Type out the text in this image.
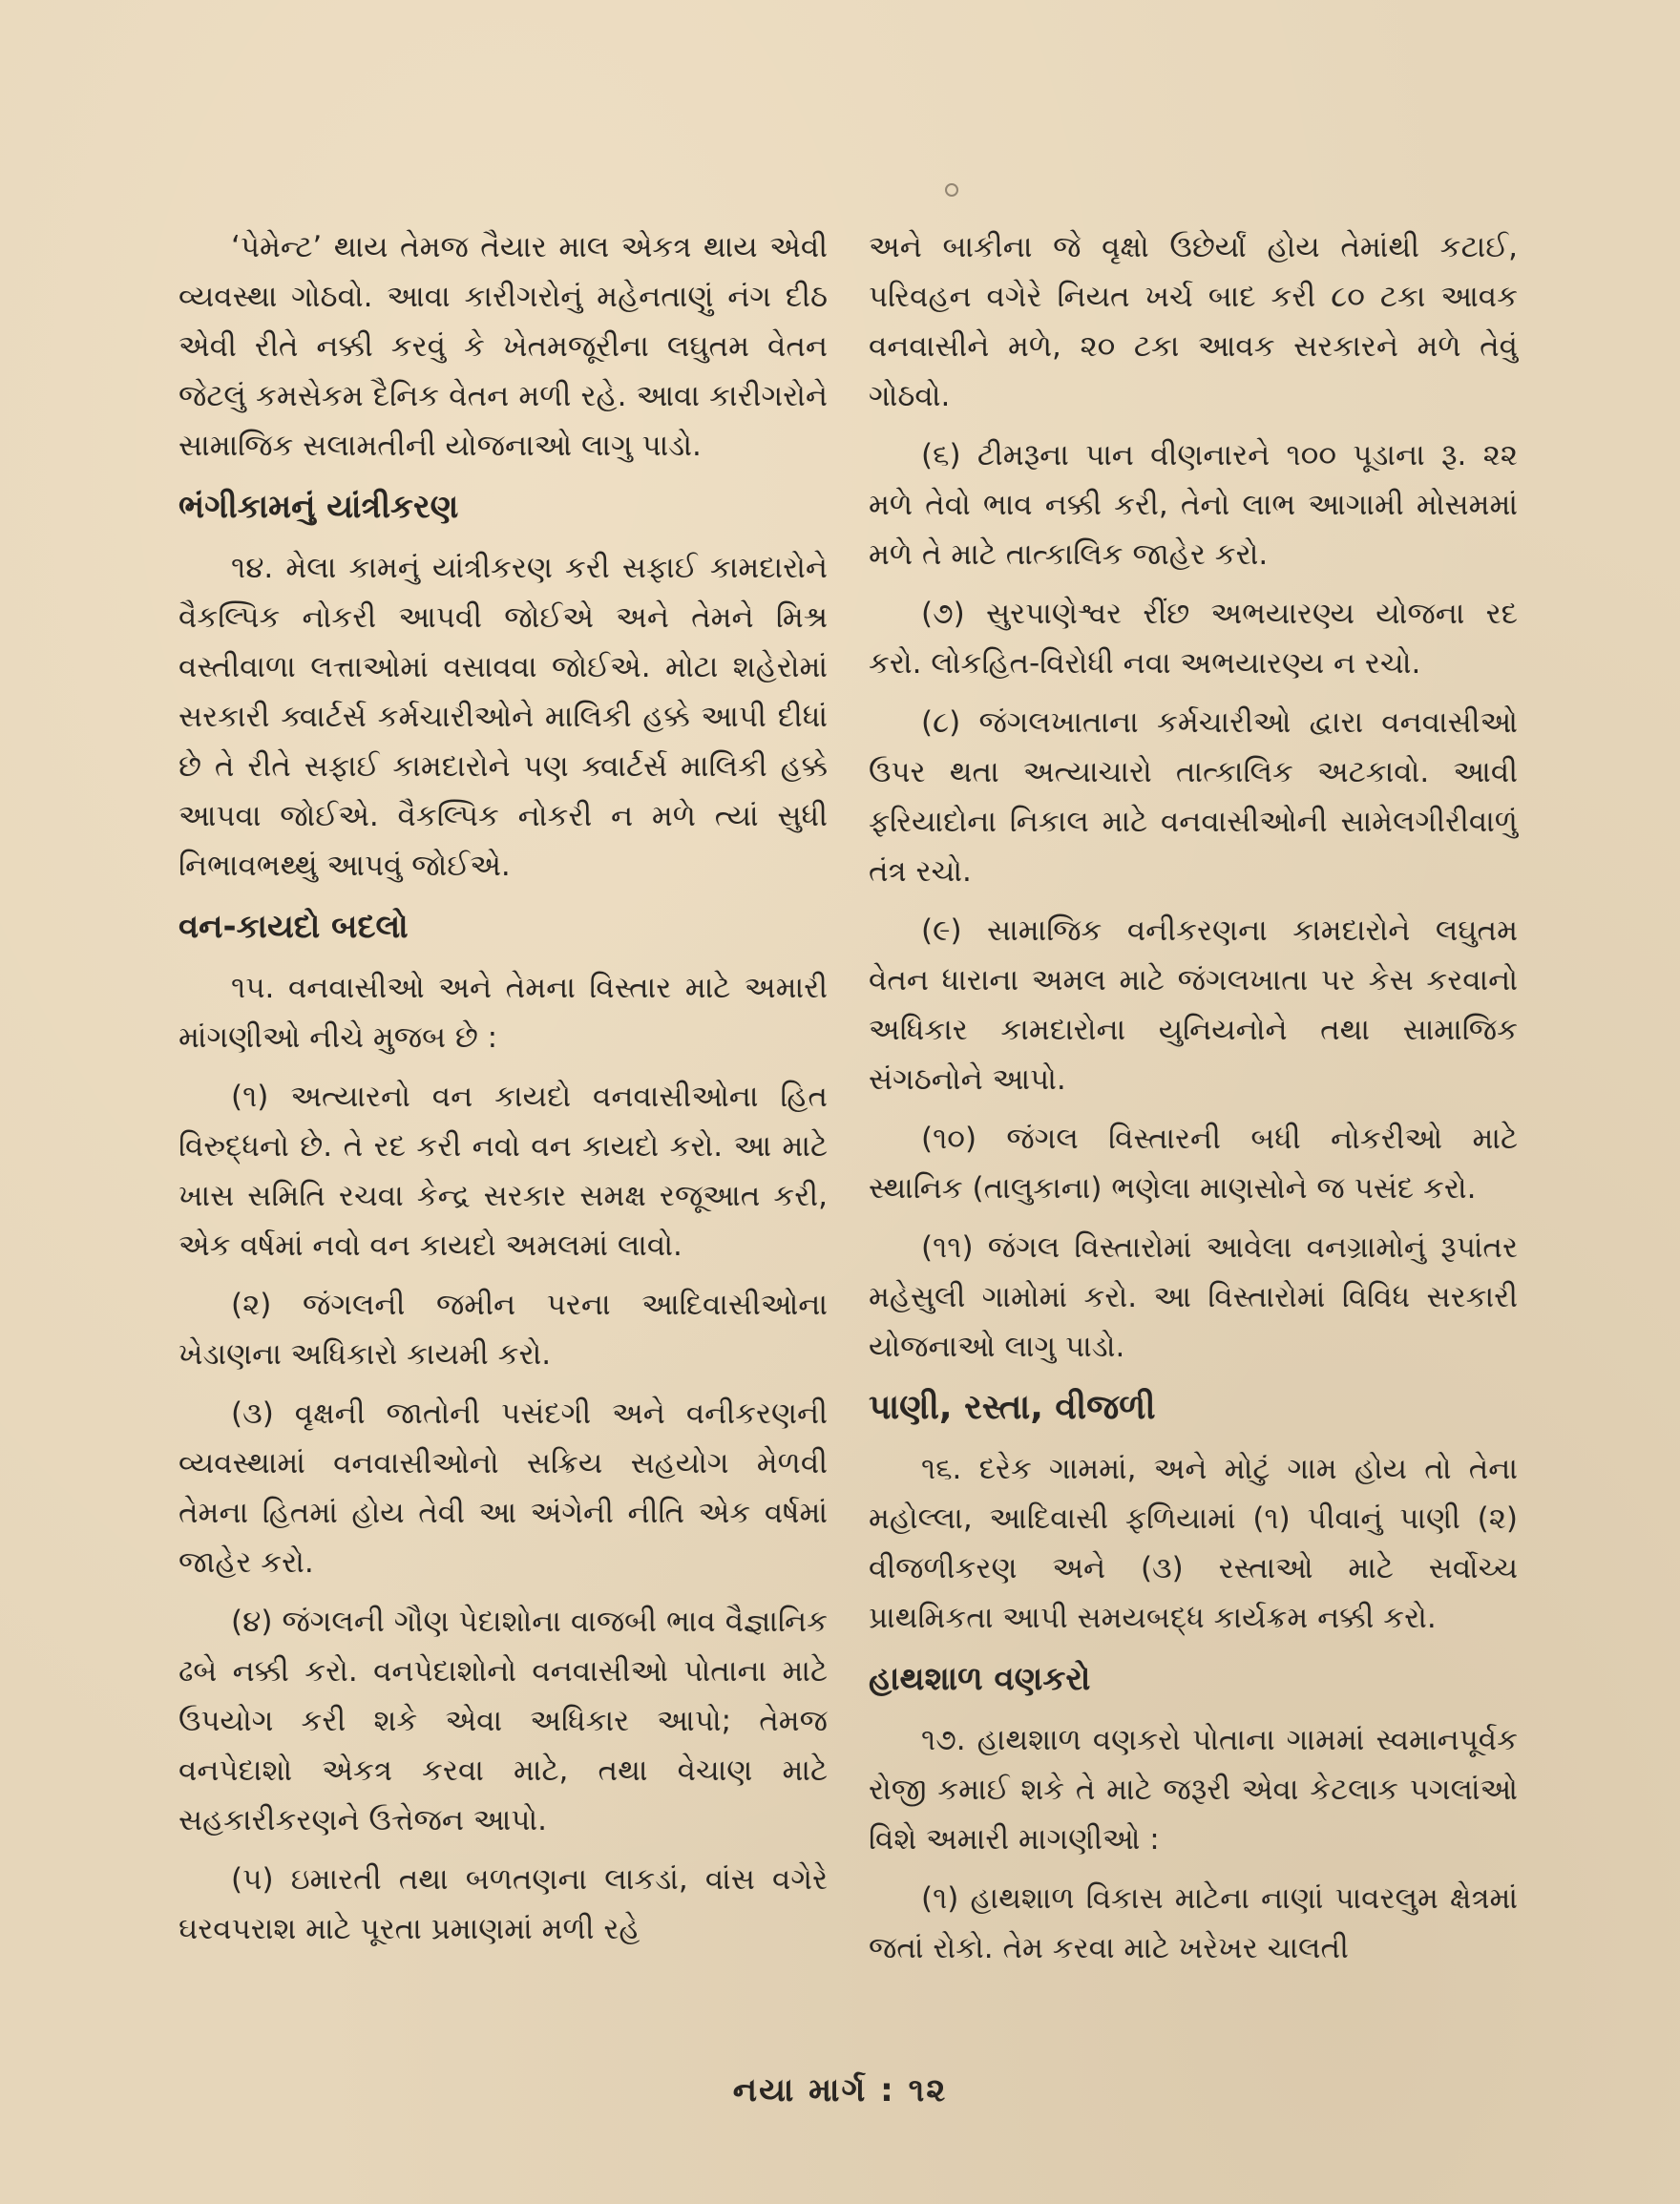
‘પેમેન્ટ’ થાય તેમજ તૈયાર માલ એકત્ર થાય એવી વ્યવસ્થા ગોઠવો. આવા કારીગરોનું મહેનતાણું નંગ દીઠ એવી રીતે નક્કી કરવું કે ખેતમજૂરીના લઘુતમ વેતન જેટલું કમસેકમ દૈનિક વેતન મળી રહે. આવા કારીગરોને સામાજિક સલામતીની યોજનાઓ લાગુ પાડો.

ભંગીકામનું યાંત્રીકરણ

૧૪. મેલા કામનું યાંત્રીકરણ કરી સફાઈ કામદારોને વૈકલ્પિક નોકરી આપવી જોઈએ અને તેમને મિશ્ર વસ્તીવાળા લત્તાઓમાં વસાવવા જોઈએ. મોટા શહેરોમાં સરકારી ક્વાર્ટર્સ કર્મચારીઓને માલિકી હક્કે આપી દીધાં છે તે રીતે સફાઈ કામદારોને પણ ક્વાર્ટર્સ માલિકી હક્કે આપવા જોઈએ. વૈકલ્પિક નોકરી ન મળે ત્યાં સુધી નિભાવભથ્થું આપવું જોઈએ.

વન-કાયદો બદલો

૧૫. વનવાસીઓ અને તેમના વિસ્તાર માટે અમારી માંગણીઓ નીચે મુજબ છે :

(૧) અત્યારનો વન કાયદો વનવાસીઓના હિત વિરુદ્ધનો છે. તે રદ કરી નવો વન કાયદો કરો. આ માટે ખાસ સમિતિ રચવા કેન્દ્ર સરકાર સમક્ષ રજૂઆત કરી, એક વર્ષમાં નવો વન કાયદો અમલમાં લાવો.

(૨) જંગલની જમીન પરના આદિવાસીઓના ખેડાણના અધિકારો કાયમી કરો.

(૩) વૃક્ષની જાતોની પસંદગી અને વનીકરણની વ્યવસ્થામાં વનવાસીઓનો સક્રિય સહયોગ મેળવી તેમના હિતમાં હોય તેવી આ અંગેની નીતિ એક વર્ષમાં જાહેર કરો.

(૪) જંગલની ગૌણ પેદાશોના વાજબી ભાવ વૈજ્ઞાનિક ઢબે નક્કી કરો. વનપેદાશોનો વનવાસીઓ પોતાના માટે ઉપયોગ કરી શકે એવા અધિકાર આપો; તેમજ વનપેદાશો એકત્ર કરવા માટે, તથા વેચાણ માટે સહકારીકરણને ઉત્તેજન આપો.

(૫) ઇમારતી તથા બળતણના લાકડાં, વાંસ વગેરે ઘરવપરાશ માટે પૂરતા પ્રમાણમાં મળી રહે

અને બાકીના જે વૃક્ષો ઉછેર્યાં હોય તેમાંથી કટાઈ, પરિવહન વગેરે નિયત ખર્ચ બાદ કરી ૮૦ ટકા આવક વનવાસીને મળે, ૨૦ ટકા આવક સરકારને મળે તેવું ગોઠવો.

(૬) ટીમરૂના પાન વીણનારને ૧૦૦ પૂડાના રૂ. ૨૨ મળે તેવો ભાવ નક્કી કરી, તેનો લાભ આગામી મોસમમાં મળે તે માટે તાત્કાલિક જાહેર કરો.

(૭) સુરપાણેશ્વર રીંછ અભયારણ્ય યોજના રદ કરો. લોકહિત-વિરોધી નવા અભયારણ્ય ન રચો.

(૮) જંગલખાતાના કર્મચારીઓ દ્વારા વનવાસીઓ ઉપર થતા અત્યાચારો તાત્કાલિક અટકાવો. આવી ફરિયાદોના નિકાલ માટે વનવાસીઓની સામેલગીરીવાળું તંત્ર રચો.

(૯) સામાજિક વનીકરણના કામદારોને લઘુતમ વેતન ધારાના અમલ માટે જંગલખાતા પર કેસ કરવાનો અધિકાર કામદારોના યુનિયનોને તથા સામાજિક સંગઠનોને આપો.

(૧૦) જંગલ વિસ્તારની બધી નોકરીઓ માટે સ્થાનિક (તાલુકાના) ભણેલા માણસોને જ પસંદ કરો.

(૧૧) જંગલ વિસ્તારોમાં આવેલા વનગ્રામોનું રૂપાંતર મહેસુલી ગામોમાં કરો. આ વિસ્તારોમાં વિવિધ સરકારી યોજનાઓ લાગુ પાડો.

પાણી, રસ્તા, વીજળી

૧૬. દરેક ગામમાં, અને મોટું ગામ હોય તો તેના મહોલ્લા, આદિવાસી ફળિયામાં (૧) પીવાનું પાણી (૨) વીજળીકરણ અને (૩) રસ્તાઓ માટે સર્વોચ્ચ પ્રાથમિકતા આપી સમયબદ્ધ કાર્યક્રમ નક્કી કરો.

હાથશાળ વણકરો

૧૭. હાથશાળ વણકરો પોતાના ગામમાં સ્વમાનપૂર્વક રોજી કમાઈ શકે તે માટે જરૂરી એવા કેટલાક પગલાંઓ વિશે અમારી માગણીઓ :

(૧) હાથશાળ વિકાસ માટેના નાણાં પાવરલુમ ક્ષેત્રમાં જતાં રોકો. તેમ કરવા માટે ખરેખર ચાલતી

નયા માર્ગ : ૧૨
